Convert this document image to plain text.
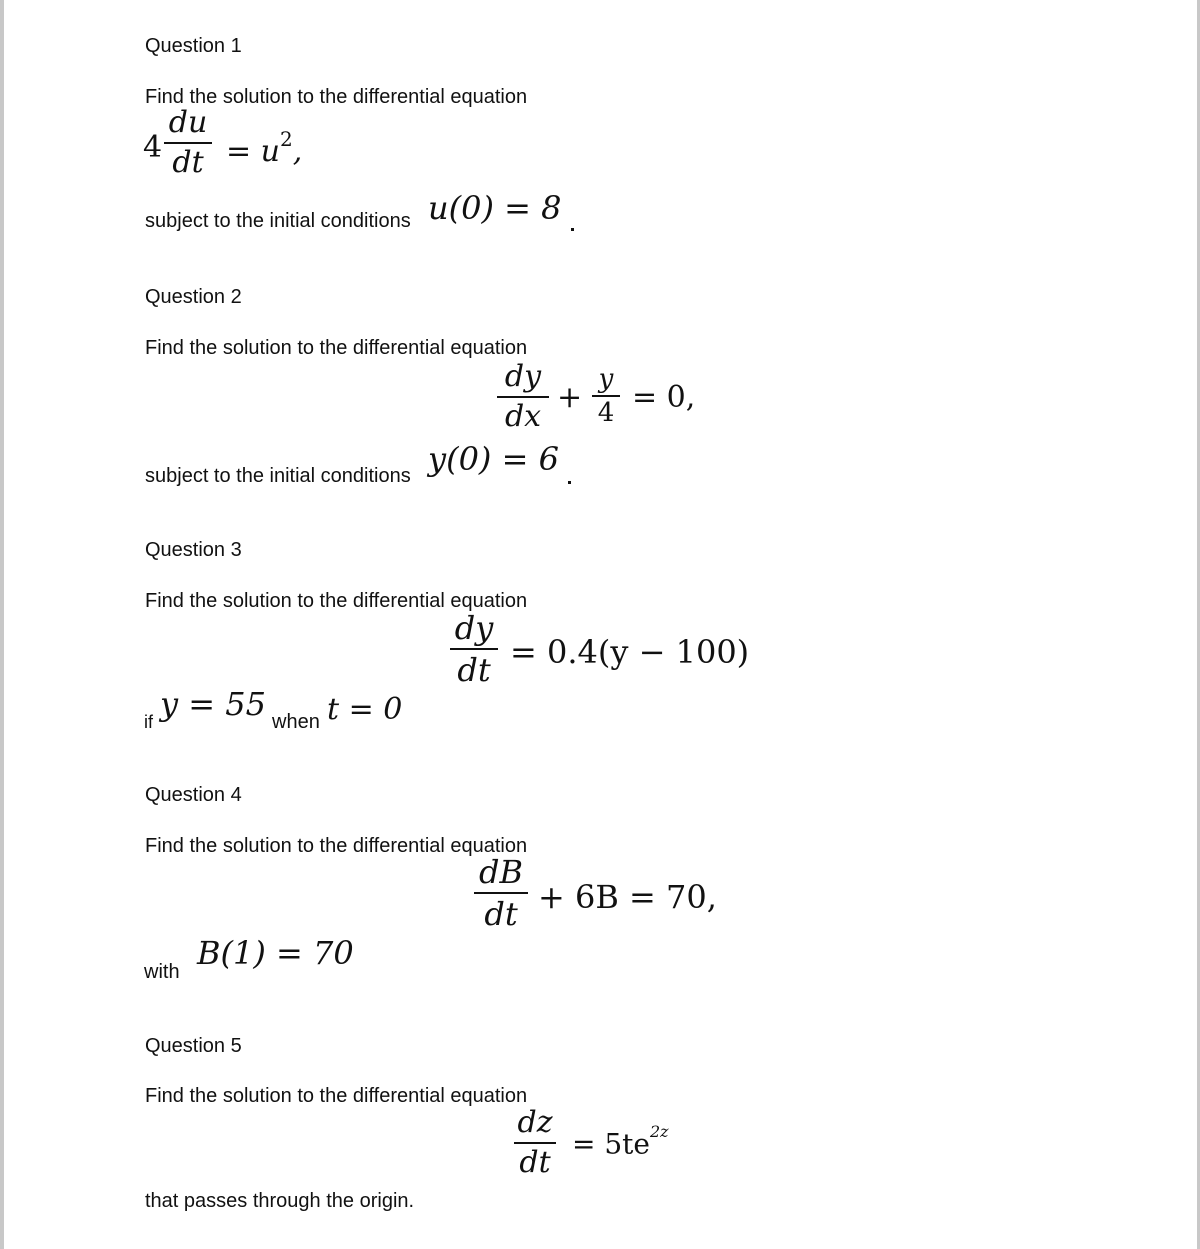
Question 1
Find the solution to the differential equation
4
du
dt = $u^2$,
subject to the initial conditions u(0) = 8
Question 2
Find the solution to the differential equation
dy
dx
+
y
4 = 0,
subject to the initial conditions y(0) = 6
Question 3
Find the solution to the differential equation
dy
dt = 0.4(y − 100)
if y = 55 when t = 0
Question 4
Find the solution to the differential equation
dB
dt + 6B = 70,
with B(1) = 70
Question 5
Find the solution to the differential equation
dz
dt
= $5te^{2z}$
that passes through the origin.
